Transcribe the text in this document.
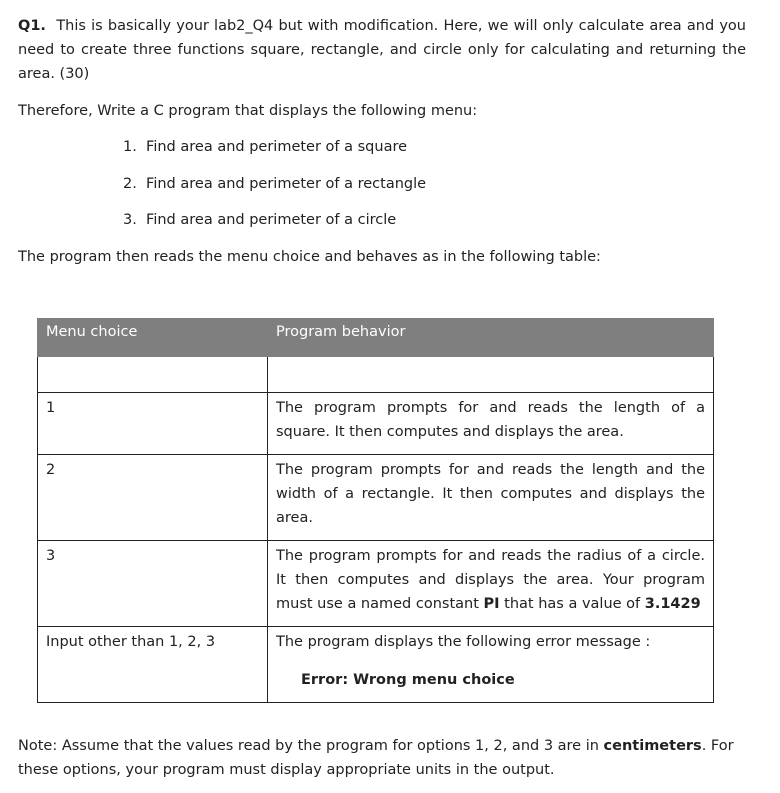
Q1. This is basically your lab2_Q4 but with modification. Here, we will only calculate area and you need to create three functions square, rectangle, and circle only for calculating and returning the area. (30)
Therefore, Write a C program that displays the following menu:
1.  Find area and perimeter of a square
2.  Find area and perimeter of a rectangle
3.  Find area and perimeter of a circle
The program then reads the menu choice and behaves as in the following table:
Menu choice	Program behavior

1	The program prompts for and reads the length of a square. It then computes and displays the area.
2	The program prompts for and reads the length and the width of a rectangle. It then computes and displays the area.
3	The program prompts for and reads the radius of a circle. It then computes and displays the area. Your program must use a named constant PI that has a value of 3.1429
Input other than 1, 2, 3	The program displays the following error message :
Error: Wrong menu choice
Note: Assume that the values read by the program for options 1, 2, and 3 are in centimeters. For these options, your program must display appropriate units in the output.
